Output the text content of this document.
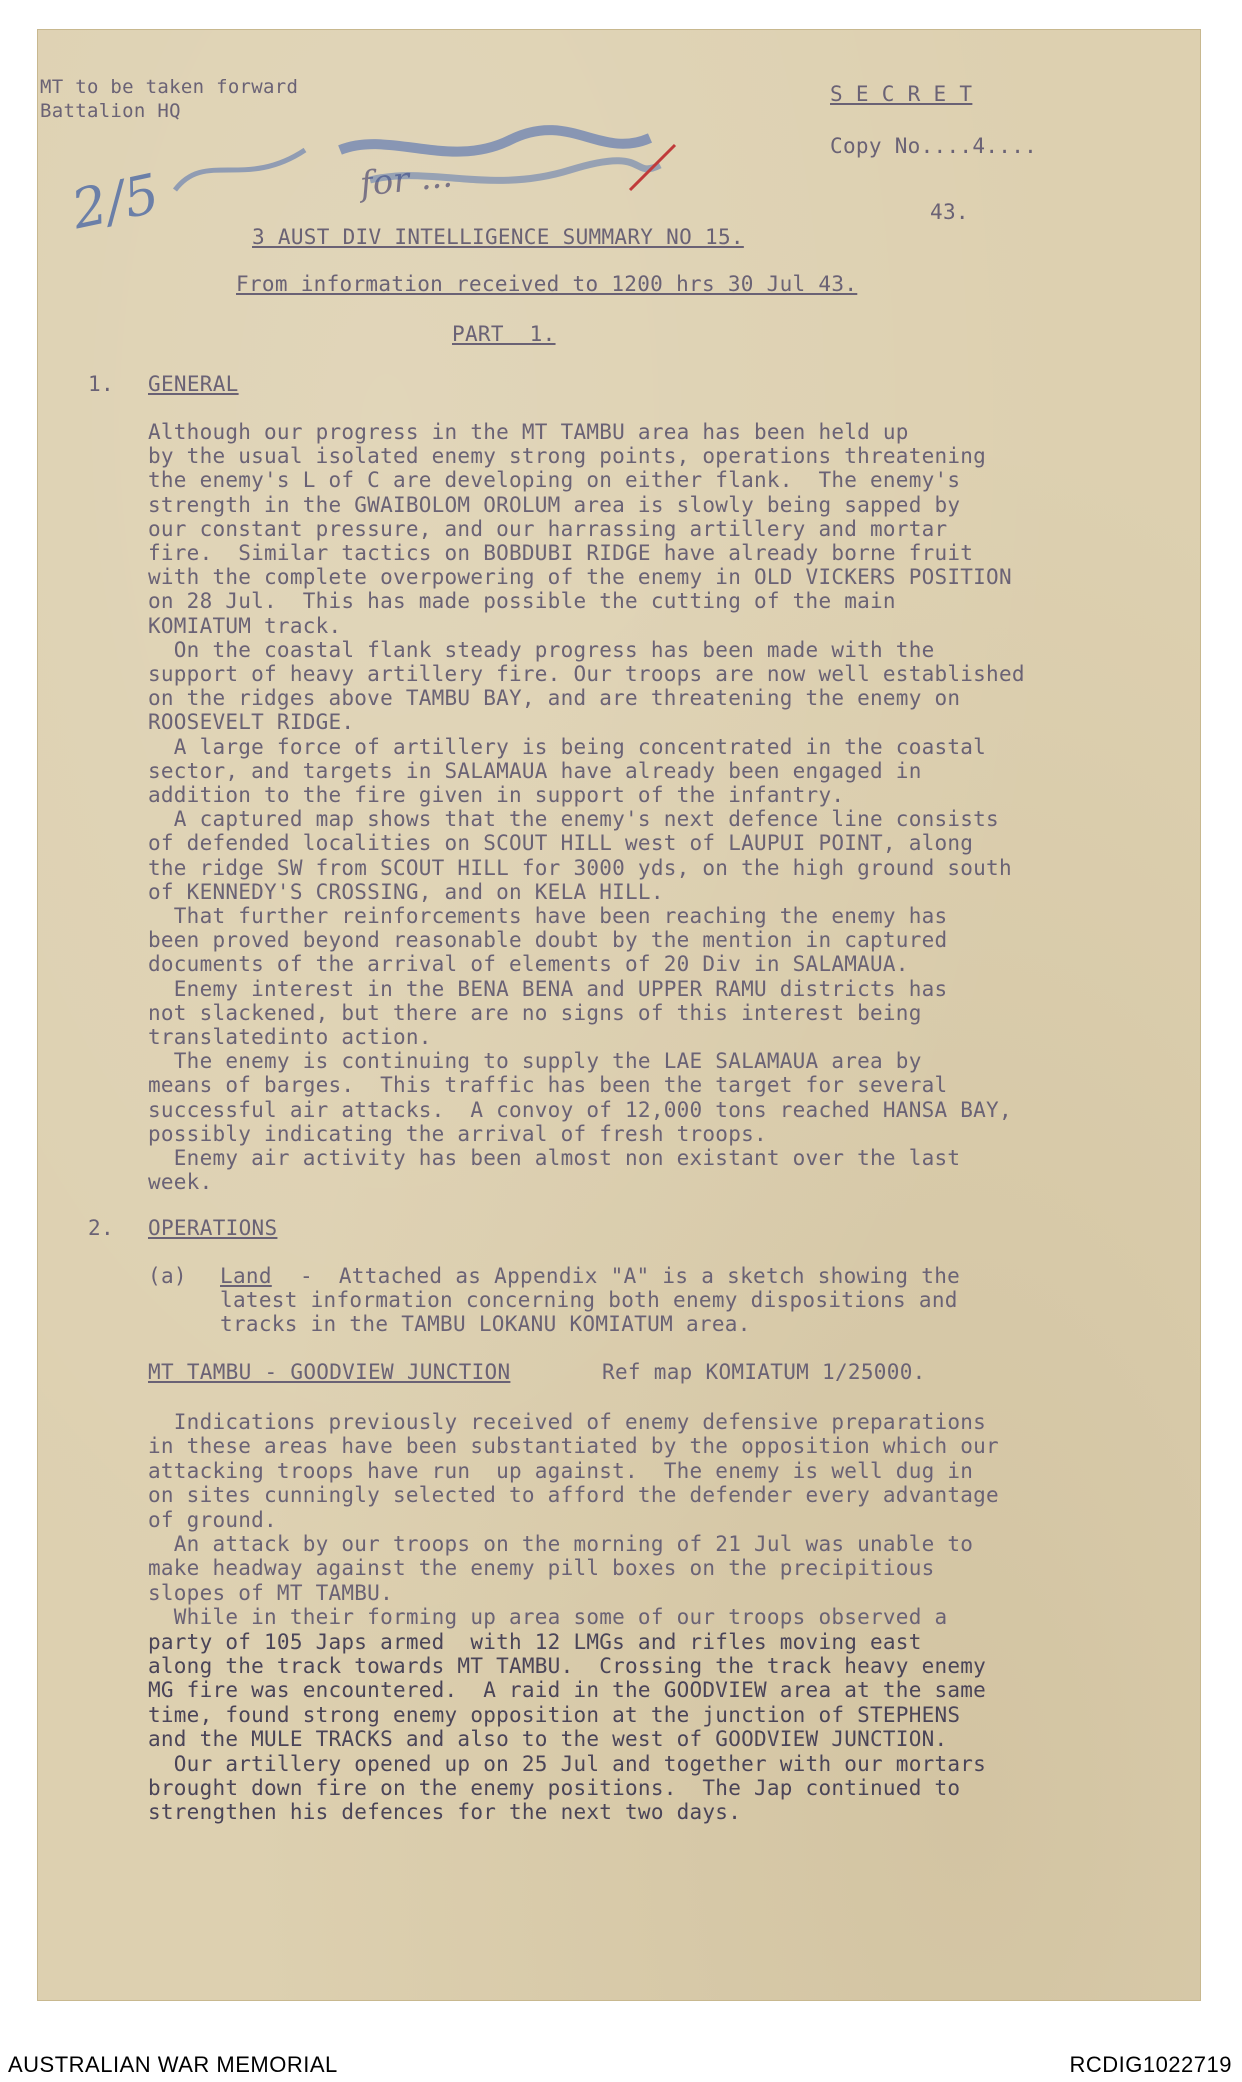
MT to be taken forward
Battalion HQ
2/5	for ...
S E C R E T
Copy No....4....
43.
3 AUST DIV INTELLIGENCE SUMMARY NO 15.
From information received to 1200 hrs 30 Jul 43.
PART  1.
1. GENERAL
Although our progress in the MT TAMBU area has been held up
by the usual isolated enemy strong points, operations threatening
the enemy's L of C are developing on either flank.  The enemy's
strength in the GWAIBOLOM OROLUM area is slowly being sapped by
our constant pressure, and our harrassing artillery and mortar
fire.  Similar tactics on BOBDUBI RIDGE have already borne fruit
with the complete overpowering of the enemy in OLD VICKERS POSITION
on 28 Jul.  This has made possible the cutting of the main
KOMIATUM track.
On the coastal flank steady progress has been made with the
support of heavy artillery fire. Our troops are now well established
on the ridges above TAMBU BAY, and are threatening the enemy on
ROOSEVELT RIDGE.
A large force of artillery is being concentrated in the coastal
sector, and targets in SALAMAUA have already been engaged in
addition to the fire given in support of the infantry.
A captured map shows that the enemy's next defence line consists
of defended localities on SCOUT HILL west of LAUPUI POINT, along
the ridge SW from SCOUT HILL for 3000 yds, on the high ground south
of KENNEDY'S CROSSING, and on KELA HILL.
That further reinforcements have been reaching the enemy has
been proved beyond reasonable doubt by the mention in captured
documents of the arrival of elements of 20 Div in SALAMAUA.
Enemy interest in the BENA BENA and UPPER RAMU districts has
not slackened, but there are no signs of this interest being
translatedinto action.
The enemy is continuing to supply the LAE SALAMAUA area by
means of barges.  This traffic has been the target for several
successful air attacks.  A convoy of 12,000 tons reached HANSA BAY,
possibly indicating the arrival of fresh troops.
Enemy air activity has been almost non existant over the last
week.
2. OPERATIONS
(a) Land -  Attached as Appendix "A" is a sketch showing the
latest information concerning both enemy dispositions and
tracks in the TAMBU LOKANU KOMIATUM area.
MT TAMBU - GOODVIEW JUNCTION	Ref map KOMIATUM 1/25000.
Indications previously received of enemy defensive preparations
in these areas have been substantiated by the opposition which our
attacking troops have run  up against.  The enemy is well dug in
on sites cunningly selected to afford the defender every advantage
of ground.
An attack by our troops on the morning of 21 Jul was unable to
make headway against the enemy pill boxes on the precipitious
slopes of MT TAMBU.
While in their forming up area some of our troops observed a
party of 105 Japs armed  with 12 LMGs and rifles moving east
along the track towards MT TAMBU.  Crossing the track heavy enemy
MG fire was encountered.  A raid in the GOODVIEW area at the same
time, found strong enemy opposition at the junction of STEPHENS
and the MULE TRACKS and also to the west of GOODVIEW JUNCTION.
Our artillery opened up on 25 Jul and together with our mortars
brought down fire on the enemy positions.  The Jap continued to
strengthen his defences for the next two days.
AUSTRALIAN WAR MEMORIAL	RCDIG1022719
